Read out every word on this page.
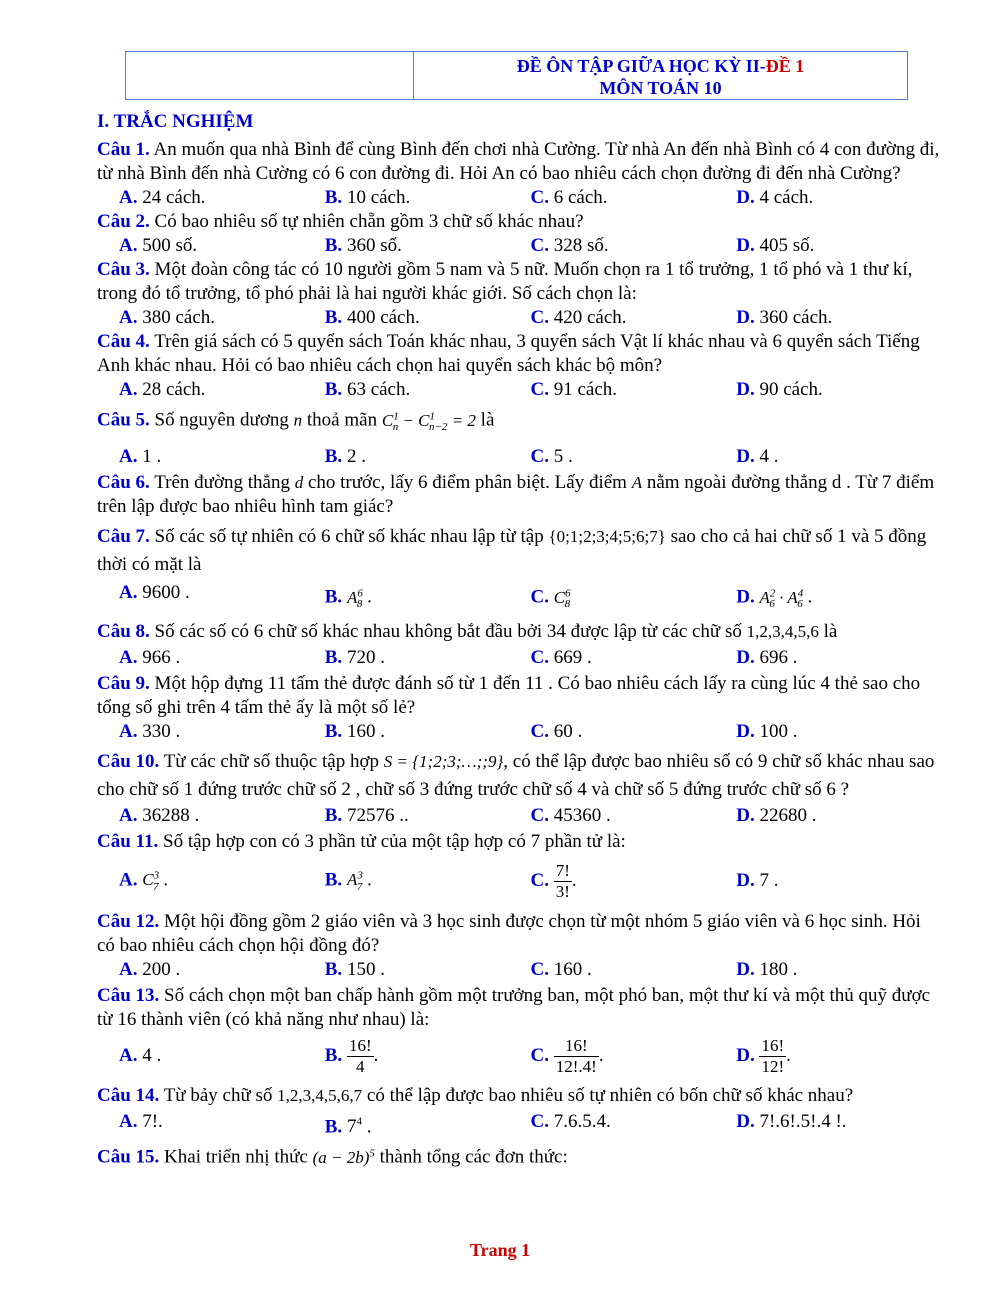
ĐỀ ÔN TẬP GIỮA HỌC KỲ II-ĐỀ 1
MÔN TOÁN 10
I. TRẮC NGHIỆM

Câu 1. An muốn qua nhà Bình để cùng Bình đến chơi nhà Cường. Từ nhà An đến nhà Bình có 4 con đường đi, từ nhà Bình đến nhà Cường có 6 con đường đi. Hỏi An có bao nhiêu cách chọn đường đi đến nhà Cường?

A. 24 cách.	B. 10 cách.	C. 6 cách.	D. 4 cách.

Câu 2. Có bao nhiêu số tự nhiên chẵn gồm 3 chữ số khác nhau?

A. 500 số.	B. 360 số.	C. 328 số.	D. 405 số.

Câu 3. Một đoàn công tác có 10 người gồm 5 nam và 5 nữ. Muốn chọn ra 1 tổ trưởng, 1 tổ phó và 1 thư kí, trong đó tổ trưởng, tổ phó phải là hai người khác giới. Số cách chọn là:

A. 380 cách.	B. 400 cách.	C. 420 cách.	D. 360 cách.

Câu 4. Trên giá sách có 5 quyển sách Toán khác nhau, 3 quyển sách Vật lí khác nhau và 6 quyển sách Tiếng Anh khác nhau. Hỏi có bao nhiêu cách chọn hai quyển sách khác bộ môn?

A. 28 cách.	B. 63 cách.	C. 91 cách.	D. 90 cách.

Câu 5. Số nguyên dương n thoả mãn $C^1_n - C^1_{n-2} = 2$ là

A. 1 .	B. 2 .	C. 5 .	D. 4 .

Câu 6. Trên đường thẳng d cho trước, lấy 6 điểm phân biệt. Lấy điểm A nằm ngoài đường thẳng d . Từ 7 điểm trên lập được bao nhiêu hình tam giác?

Câu 7. Số các số tự nhiên có 6 chữ số khác nhau lập từ tập {0;1;2;3;4;5;6;7} sao cho cả hai chữ số 1 và 5 đồng thời có mặt là

A. 9600 .	B. $A^6_8$ .	C. $C^6_8$	D. $A^2_6 \cdot A^4_6$ .

Câu 8. Số các số có 6 chữ số khác nhau không bắt đầu bởi 34 được lập từ các chữ số 1,2,3,4,5,6 là

A. 966 .	B. 720 .	C. 669 .	D. 696 .

Câu 9. Một hộp đựng 11 tấm thẻ được đánh số từ 1 đến 11 . Có bao nhiêu cách lấy ra cùng lúc 4 thẻ sao cho tổng số ghi trên 4 tấm thẻ ấy là một số lẻ?

A. 330 .	B. 160 .	C. 60 .	D. 100 .

Câu 10. Từ các chữ số thuộc tập hợp S = {1;2;3;…;;9}, có thể lập được bao nhiêu số có 9 chữ số khác nhau sao cho chữ số 1 đứng trước chữ số 2 , chữ số 3 đứng trước chữ số 4 và chữ số 5 đứng trước chữ số 6 ?

A. 36288 .	B. 72576 ..	C. 45360 .	D. 22680 .

Câu 11. Số tập hợp con có 3 phần tử của một tập hợp có 7 phần tử là:

A. $C^3_7$ .	B. $A^3_7$ .	C. $\frac{7!}{3!}$ .	D. 7 .

Câu 12. Một hội đồng gồm 2 giáo viên và 3 học sinh được chọn từ một nhóm 5 giáo viên và 6 học sinh. Hỏi có bao nhiêu cách chọn hội đồng đó?

A. 200 .	B. 150 .	C. 160 .	D. 180 .

Câu 13. Số cách chọn một ban chấp hành gồm một trưởng ban, một phó ban, một thư kí và một thủ quỹ được từ 16 thành viên (có khả năng như nhau) là:

A. 4 .	B. $\frac{16!}{4}$ .	C. $\frac{16!}{12!.4!}$ .	D. $\frac{16!}{12!}$ .

Câu 14. Từ bảy chữ số 1,2,3,4,5,6,7 có thể lập được bao nhiêu số tự nhiên có bốn chữ số khác nhau?

A. 7!.	B. $7^4$ .	C. 7.6.5.4.	D. 7!.6!.5!.4 !.

Câu 15. Khai triển nhị thức $(a - 2b)^5$ thành tổng các đơn thức:

Trang 1
